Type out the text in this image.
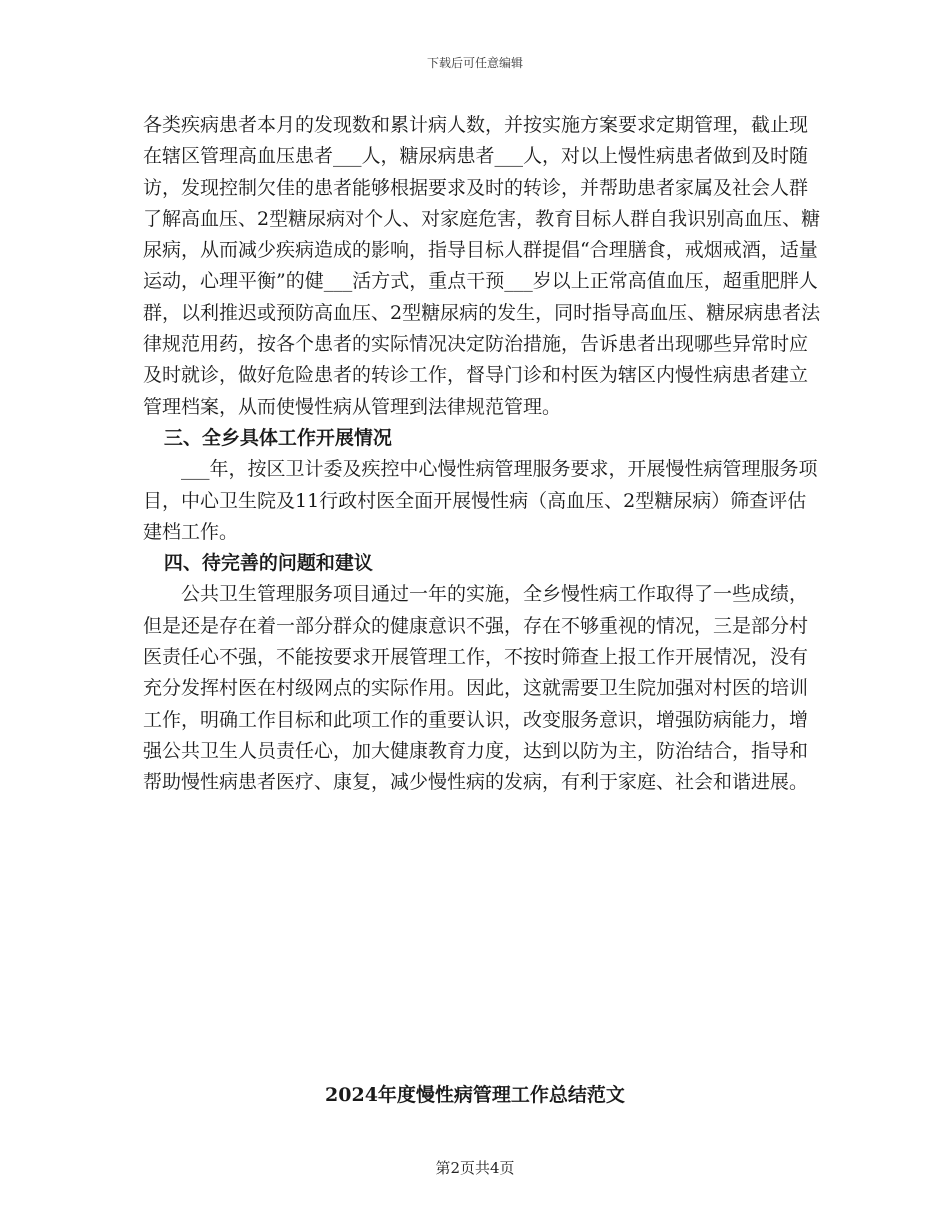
下载后可任意编辑

各类疾病患者本月的发现数和累计病人数，并按实施方案要求定期管理，截止现在辖区管理高血压患者___人，糖尿病患者___人，对以上慢性病患者做到及时随访，发现控制欠佳的患者能够根据要求及时的转诊，并帮助患者家属及社会人群了解高血压、2型糖尿病对个人、对家庭危害，教育目标人群自我识别高血压、糖尿病，从而减少疾病造成的影响，指导目标人群提倡“合理膳食，戒烟戒酒，适量运动，心理平衡”的健___活方式，重点干预___岁以上正常高值血压，超重肥胖人群，以利推迟或预防高血压、2型糖尿病的发生，同时指导高血压、糖尿病患者法律规范用药，按各个患者的实际情况决定防治措施，告诉患者出现哪些异常时应及时就诊，做好危险患者的转诊工作，督导门诊和村医为辖区内慢性病患者建立管理档案，从而使慢性病从管理到法律规范管理。

三、全乡具体工作开展情况

___年，按区卫计委及疾控中心慢性病管理服务要求，开展慢性病管理服务项目，中心卫生院及11行政村医全面开展慢性病（高血压、2型糖尿病）筛查评估建档工作。

四、待完善的问题和建议

公共卫生管理服务项目通过一年的实施，全乡慢性病工作取得了一些成绩，但是还是存在着一部分群众的健康意识不强，存在不够重视的情况，三是部分村医责任心不强，不能按要求开展管理工作，不按时筛查上报工作开展情况，没有充分发挥村医在村级网点的实际作用。因此，这就需要卫生院加强对村医的培训工作，明确工作目标和此项工作的重要认识，改变服务意识，增强防病能力，增强公共卫生人员责任心，加大健康教育力度，达到以防为主，防治结合，指导和帮助慢性病患者医疗、康复，减少慢性病的发病，有利于家庭、社会和谐进展。

2024年度慢性病管理工作总结范文
第2页共4页
